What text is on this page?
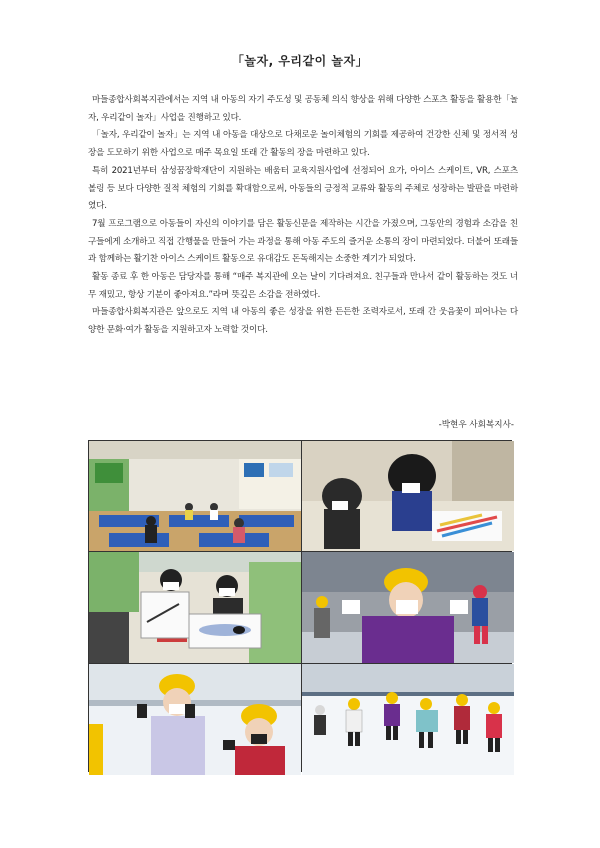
「놀자, 우리같이 놀자」

마들종합사회복지관에서는 지역 내 아동의 자기 주도성 및 공동체 의식 향상을 위해 다양한 스포츠 활동을 활용한「놀자, 우리같이 놀자」사업을 진행하고 있다.

「놀자, 우리같이 놀자」는 지역 내 아동을 대상으로 다채로운 놀이체험의 기회를 제공하여 건강한 신체 및 정서적 성장을 도모하기 위한 사업으로 매주 목요일 또래 간 활동의 장을 마련하고 있다.

특히 2021년부터 삼성꿈장학재단이 지원하는 배움터 교육지원사업에 선정되어 요가, 아이스 스케이트, VR, 스포츠 볼링 등 보다 다양한 질적 체험의 기회를 확대함으로써, 아동들의 긍정적 교류와 활동의 주체로 성장하는 발판을 마련하였다.

7월 프로그램으로 아동들이 자신의 이야기를 담은 활동신문을 제작하는 시간을 가졌으며, 그동안의 경험과 소감을 친구들에게 소개하고 직접 간행물을 만들어 가는 과정을 통해 아동 주도의 즐거운 소통의 장이 마련되었다. 더불어 또래들과 함께하는 활기찬 아이스 스케이트 활동으로 유대감도 돈독해지는 소중한 계기가 되었다.

활동 종료 후 한 아동은 담당자를 통해 “매주 복지관에 오는 날이 기다려져요. 친구들과 만나서 같이 활동하는 것도 너무 재밌고, 항상 기분이 좋아져요.”라며 뜻깊은 소감을 전하였다.

마들종합사회복지관은 앞으로도 지역 내 아동의 좋은 성장을 위한 든든한 조력자로서, 또래 간 웃음꽃이 피어나는 다양한 문화·여가 활동을 지원하고자 노력할 것이다.

-박현우 사회복지사-
